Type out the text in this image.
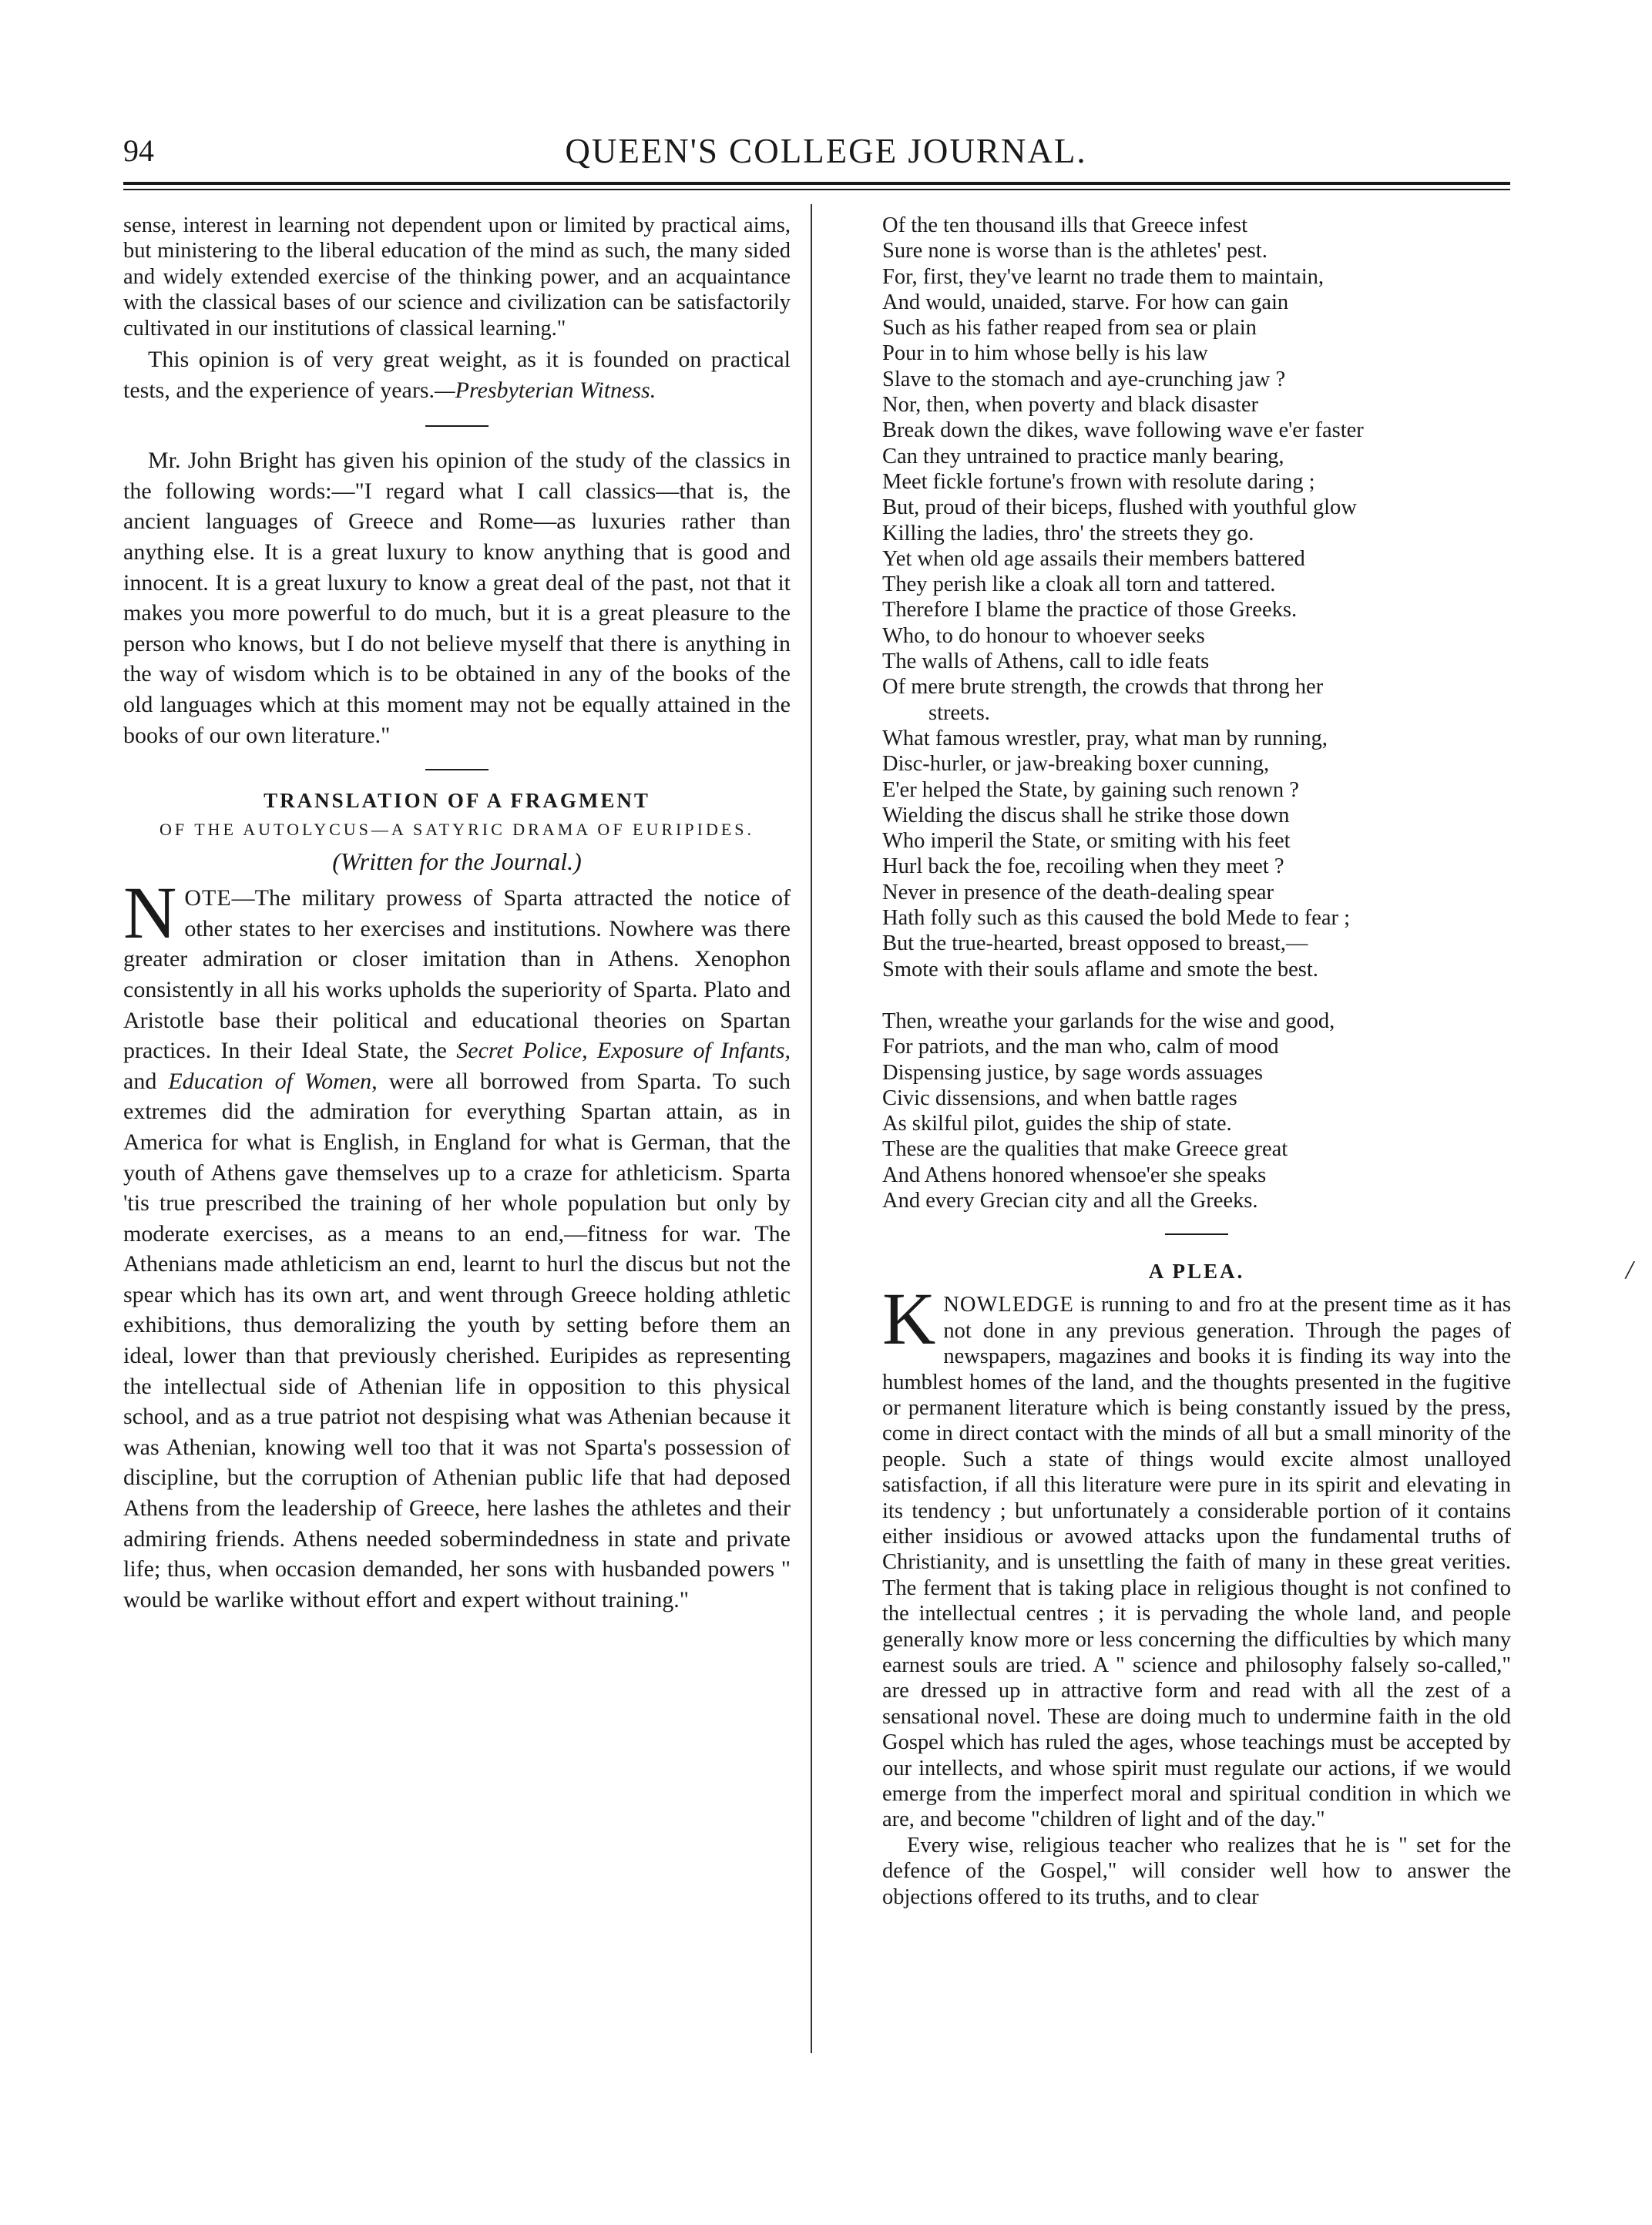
94	QUEEN'S COLLEGE JOURNAL.

sense, interest in learning not dependent upon or limited by practical aims, but ministering to the liberal education of the mind as such, the many sided and widely extended exercise of the thinking power, and an acquaintance with the classical bases of our science and civilization can be satisfactorily cultivated in our institutions of classical learning."

This opinion is of very great weight, as it is founded on practical tests, and the experience of years.—Presbyterian Witness.

Mr. John Bright has given his opinion of the study of the classics in the following words:—"I regard what I call classics—that is, the ancient languages of Greece and Rome—as luxuries rather than anything else. It is a great luxury to know anything that is good and innocent. It is a great luxury to know a great deal of the past, not that it makes you more powerful to do much, but it is a great pleasure to the person who knows, but I do not believe myself that there is anything in the way of wisdom which is to be obtained in any of the books of the old languages which at this moment may not be equally attained in the books of our own literature."

TRANSLATION OF A FRAGMENT

OF THE AUTOLYCUS—A SATYRIC DRAMA OF EURIPIDES.

(Written for the Journal.)

NOTE—The military prowess of Sparta attracted the notice of other states to her exercises and institutions. Nowhere was there greater admiration or closer imitation than in Athens. Xenophon consistently in all his works upholds the superiority of Sparta. Plato and Aristotle base their political and educational theories on Spartan practices. In their Ideal State, the Secret Police, Exposure of Infants, and Education of Women, were all borrowed from Sparta. To such extremes did the admiration for everything Spartan attain, as in America for what is English, in England for what is German, that the youth of Athens gave themselves up to a craze for athleticism. Sparta 'tis true prescribed the training of her whole population but only by moderate exercises, as a means to an end,—fitness for war. The Athenians made athleticism an end, learnt to hurl the discus but not the spear which has its own art, and went through Greece holding athletic exhibitions, thus demoralizing the youth by setting before them an ideal, lower than that previously cherished. Euripides as representing the intellectual side of Athenian life in opposition to this physical school, and as a true patriot not despising what was Athenian because it was Athenian, knowing well too that it was not Sparta's possession of discipline, but the corruption of Athenian public life that had deposed Athens from the leadership of Greece, here lashes the athletes and their admiring friends. Athens needed sobermindedness in state and private life; thus, when occasion demanded, her sons with husbanded powers " would be warlike without effort and expert without training."

Of the ten thousand ills that Greece infest
Sure none is worse than is the athletes' pest.
For, first, they've learnt no trade them to maintain,
And would, unaided, starve. For how can gain
Such as his father reaped from sea or plain
Pour in to him whose belly is his law
Slave to the stomach and aye-crunching jaw ?
Nor, then, when poverty and black disaster
Break down the dikes, wave following wave e'er faster
Can they untrained to practice manly bearing,
Meet fickle fortune's frown with resolute daring ;
But, proud of their biceps, flushed with youthful glow
Killing the ladies, thro' the streets they go.
Yet when old age assails their members battered
They perish like a cloak all torn and tattered.
Therefore I blame the practice of those Greeks.
Who, to do honour to whoever seeks
The walls of Athens, call to idle feats
Of mere brute strength, the crowds that throng her
streets.
What famous wrestler, pray, what man by running,
Disc-hurler, or jaw-breaking boxer cunning,
E'er helped the State, by gaining such renown ?
Wielding the discus shall he strike those down
Who imperil the State, or smiting with his feet
Hurl back the foe, recoiling when they meet ?
Never in presence of the death-dealing spear
Hath folly such as this caused the bold Mede to fear ;
But the true-hearted, breast opposed to breast,—
Smote with their souls aflame and smote the best.
Then, wreathe your garlands for the wise and good,
For patriots, and the man who, calm of mood
Dispensing justice, by sage words assuages
Civic dissensions, and when battle rages
As skilful pilot, guides the ship of state.
These are the qualities that make Greece great
And Athens honored whensoe'er she speaks
And every Grecian city and all the Greeks.

A PLEA.

KNOWLEDGE is running to and fro at the present time as it has not done in any previous generation. Through the pages of newspapers, magazines and books it is finding its way into the humblest homes of the land, and the thoughts presented in the fugitive or permanent literature which is being constantly issued by the press, come in direct contact with the minds of all but a small minority of the people. Such a state of things would excite almost unalloyed satisfaction, if all this literature were pure in its spirit and elevating in its tendency ; but unfortunately a considerable portion of it contains either insidious or avowed attacks upon the fundamental truths of Christianity, and is unsettling the faith of many in these great verities. The ferment that is taking place in religious thought is not confined to the intellectual centres ; it is pervading the whole land, and people generally know more or less concerning the difficulties by which many earnest souls are tried. A " science and philosophy falsely so-called," are dressed up in attractive form and read with all the zest of a sensational novel. These are doing much to undermine faith in the old Gospel which has ruled the ages, whose teachings must be accepted by our intellects, and whose spirit must regulate our actions, if we would emerge from the imperfect moral and spiritual condition in which we are, and become "children of light and of the day."

Every wise, religious teacher who realizes that he is " set for the defence of the Gospel," will consider well how to answer the objections offered to its truths, and to clear

/
